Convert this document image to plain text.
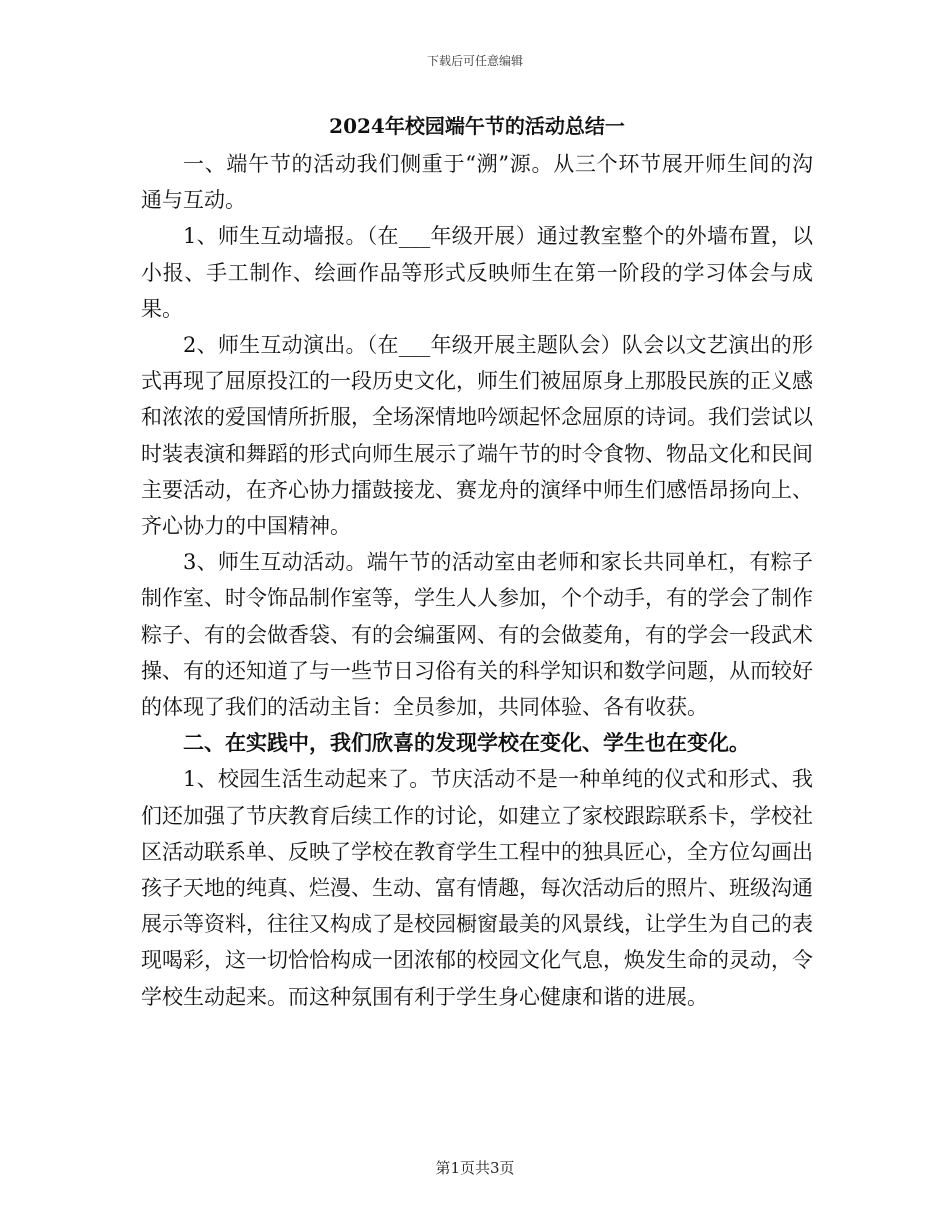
下载后可任意编辑
2024年校园端午节的活动总结一

一、端午节的活动我们侧重于“溯”源。从三个环节展开师生间的沟通与互动。

1、师生互动墙报。（在___年级开展）通过教室整个的外墙布置，以小报、手工制作、绘画作品等形式反映师生在第一阶段的学习体会与成果。

2、师生互动演出。（在___年级开展主题队会）队会以文艺演出的形式再现了屈原投江的一段历史文化，师生们被屈原身上那股民族的正义感和浓浓的爱国情所折服，全场深情地吟颂起怀念屈原的诗词。我们尝试以时装表演和舞蹈的形式向师生展示了端午节的时令食物、物品文化和民间主要活动，在齐心协力擂鼓接龙、赛龙舟的演绎中师生们感悟昂扬向上、齐心协力的中国精神。

3、师生互动活动。端午节的活动室由老师和家长共同单杠，有粽子制作室、时令饰品制作室等，学生人人参加，个个动手，有的学会了制作粽子、有的会做香袋、有的会编蛋网、有的会做菱角，有的学会一段武术操、有的还知道了与一些节日习俗有关的科学知识和数学问题，从而较好的体现了我们的活动主旨：全员参加，共同体验、各有收获。

二、在实践中，我们欣喜的发现学校在变化、学生也在变化。

1、校园生活生动起来了。节庆活动不是一种单纯的仪式和形式、我们还加强了节庆教育后续工作的讨论，如建立了家校跟踪联系卡，学校社区活动联系单、反映了学校在教育学生工程中的独具匠心，全方位勾画出孩子天地的纯真、烂漫、生动、富有情趣，每次活动后的照片、班级沟通展示等资料，往往又构成了是校园橱窗最美的风景线，让学生为自己的表现喝彩，这一切恰恰构成一团浓郁的校园文化气息，焕发生命的灵动，令学校生动起来。而这种氛围有利于学生身心健康和谐的进展。

第1页共3页
